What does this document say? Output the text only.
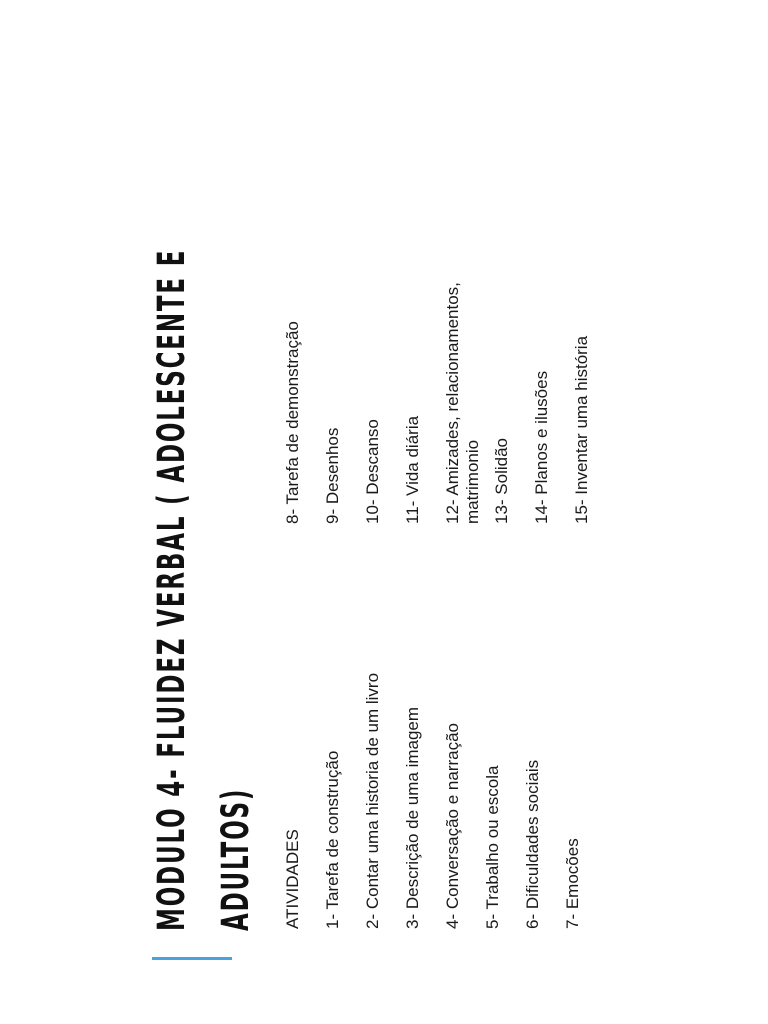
MODULO 4- FLUIDEZ VERBAL ( ADOLESCENTE E ADULTOS)	ATIVIDADES	1- Tarefa de construção	2- Contar uma historia de um livro	3- Descrição de uma imagem	4- Conversação e narração	5- Trabalho ou escola	6- Dificuldades sociais	7- Emocões
8- Tarefa de demonstração	9- Desenhos	10- Descanso	11- Vida diária	12- Amizades, relacionamentos, matrimonio 13- Solidão	14- Planos e ilusões	15- Inventar uma história
